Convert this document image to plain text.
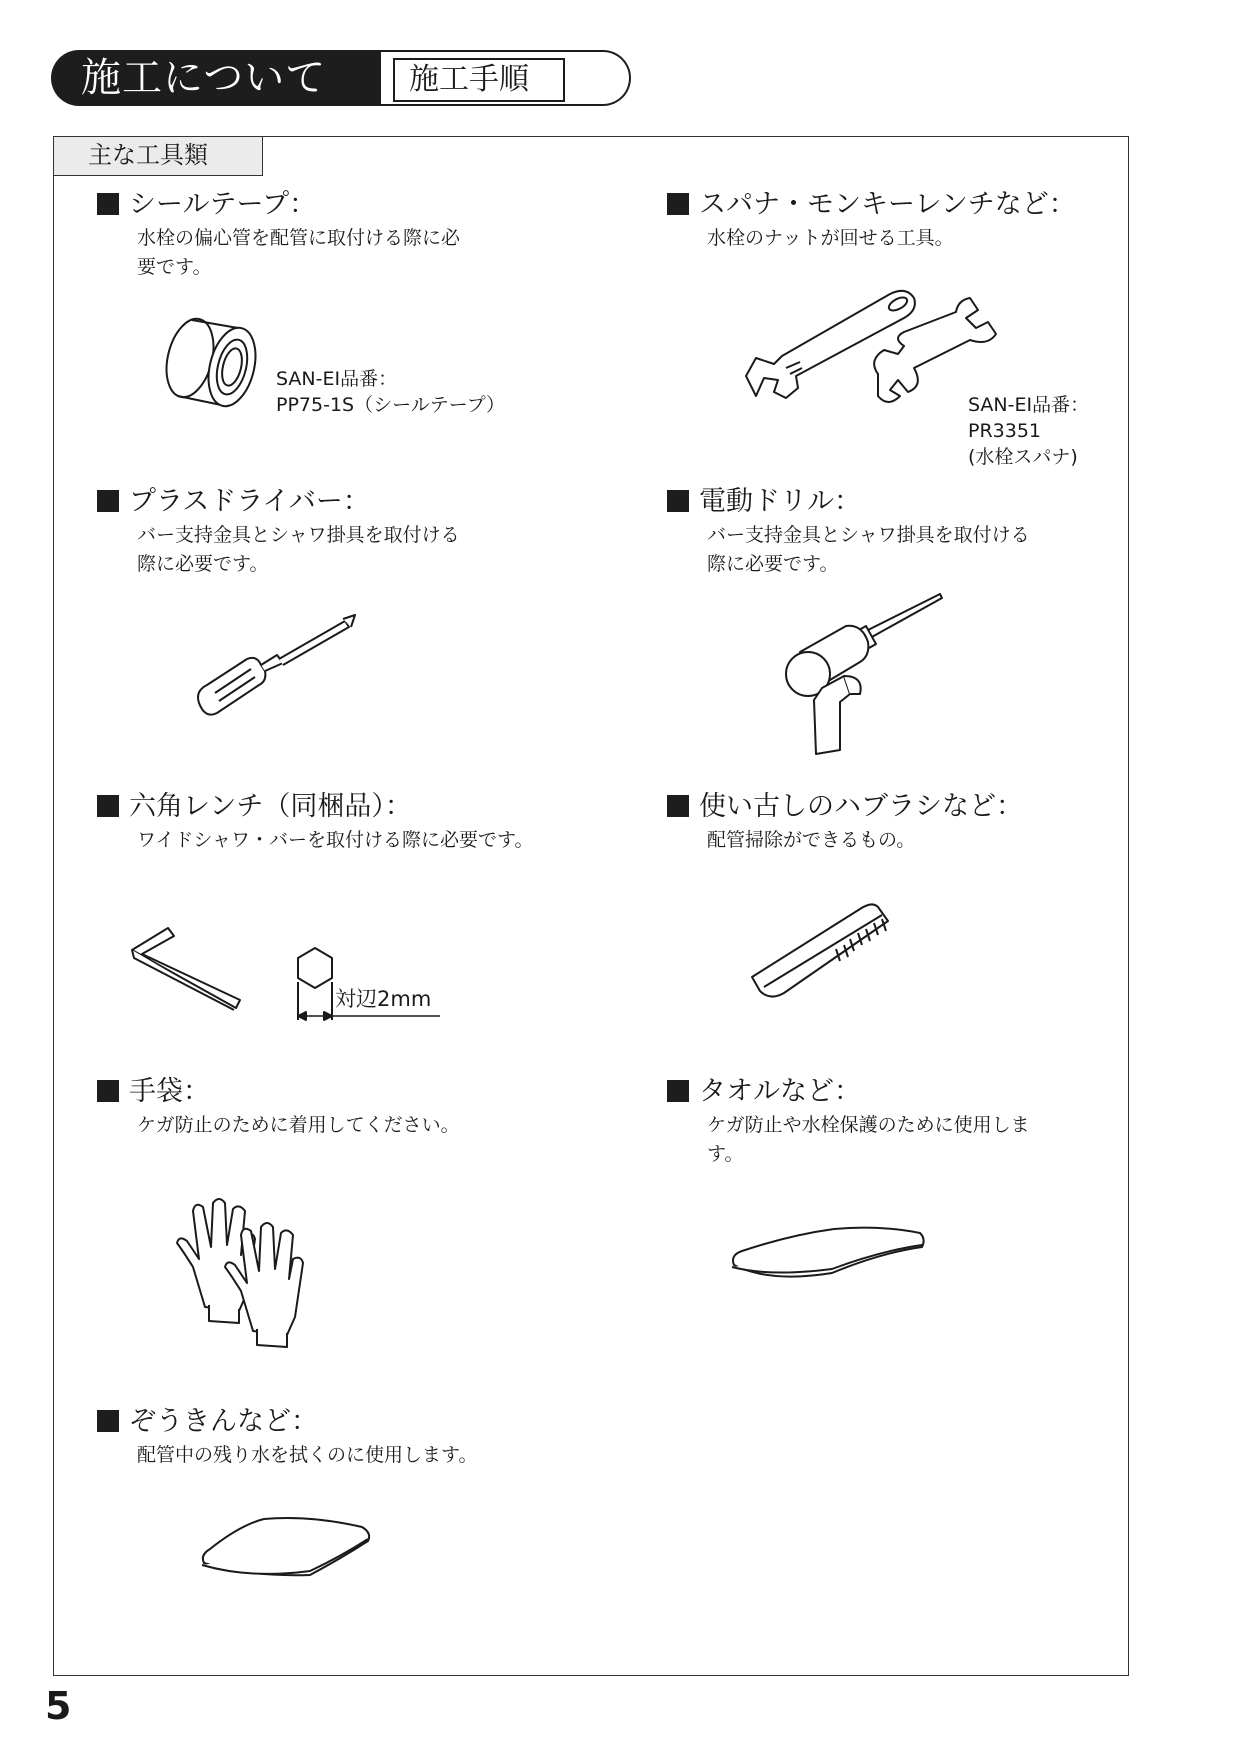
施工について	施工手順
主な工具類
シールテープ：
水栓の偏心管を配管に取付ける際に必
要です。
SAN-EI品番：
PP75-1S（シールテープ）
スパナ・モンキーレンチなど：
水栓のナットが回せる工具。
SAN-EI品番：
PR3351
(水栓スパナ)
プラスドライバー：
バー支持金具とシャワ掛具を取付ける
際に必要です。
電動ドリル：
バー支持金具とシャワ掛具を取付ける
際に必要です。
六角レンチ（同梱品）：
ワイドシャワ・バーを取付ける際に必要です。
対辺2mm
使い古しのハブラシなど：
配管掃除ができるもの。
手袋：
ケガ防止のために着用してください。
タオルなど：
ケガ防止や水栓保護のために使用しま
す。
ぞうきんなど：
配管中の残り水を拭くのに使用します。
5
